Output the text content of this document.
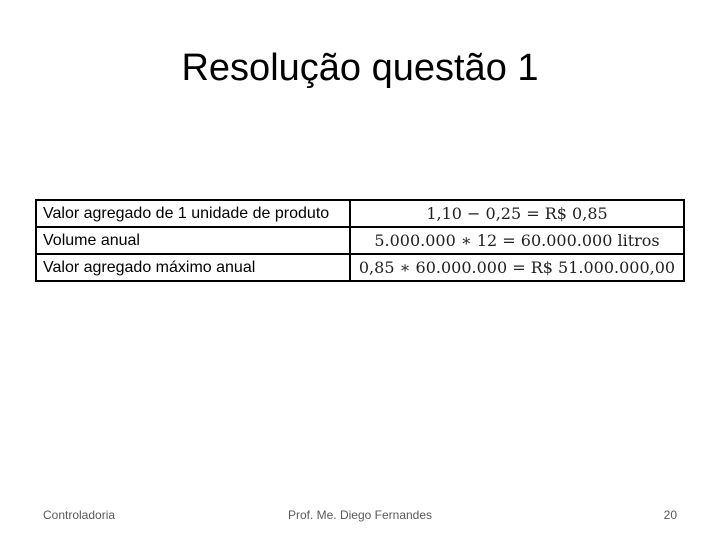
Resolução questão 1
Valor agregado de 1 unidade de produto	1,10 − 0,25 = R$ 0,85
Volume anual	5.000.000 ∗ 12 = 60.000.000 litros
Valor agregado máximo anual	0,85 ∗ 60.000.000 = R$ 51.000.000,00
Controladoria	Prof. Me. Diego Fernandes	20
